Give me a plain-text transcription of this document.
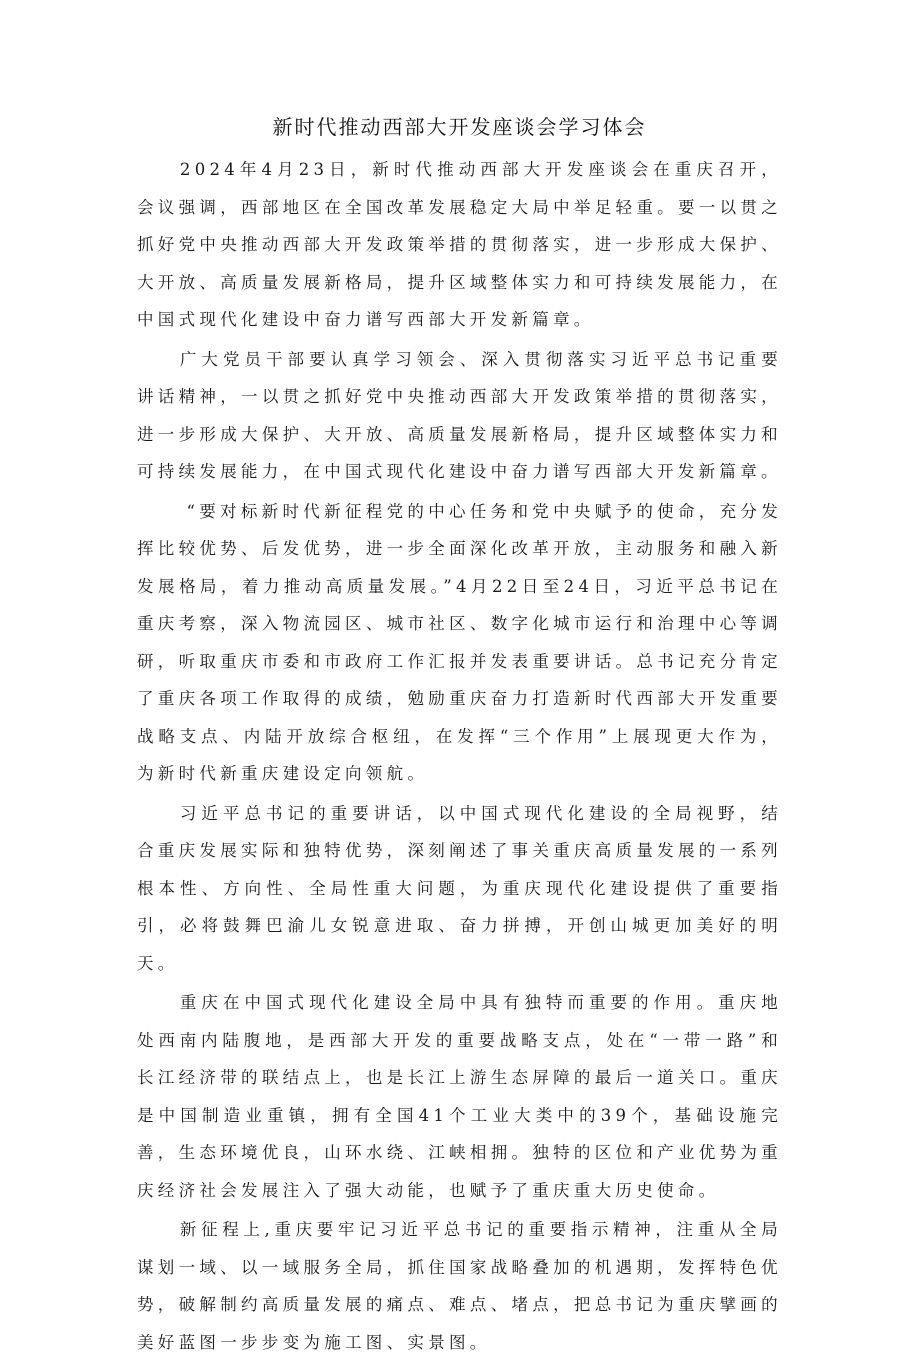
新时代推动西部大开发座谈会学习体会

2024年4月23日，新时代推动西部大开发座谈会在重庆召开，会议强调，西部地区在全国改革发展稳定大局中举足轻重。要一以贯之抓好党中央推动西部大开发政策举措的贯彻落实，进一步形成大保护、大开放、高质量发展新格局，提升区域整体实力和可持续发展能力，在中国式现代化建设中奋力谱写西部大开发新篇章。

广大党员干部要认真学习领会、深入贯彻落实习近平总书记重要讲话精神，一以贯之抓好党中央推动西部大开发政策举措的贯彻落实，进一步形成大保护、大开放、高质量发展新格局，提升区域整体实力和可持续发展能力，在中国式现代化建设中奋力谱写西部大开发新篇章。

“要对标新时代新征程党的中心任务和党中央赋予的使命，充分发挥比较优势、后发优势，进一步全面深化改革开放，主动服务和融入新发展格局，着力推动高质量发展。”4月22日至24日，习近平总书记在重庆考察，深入物流园区、城市社区、数字化城市运行和治理中心等调研，听取重庆市委和市政府工作汇报并发表重要讲话。总书记充分肯定了重庆各项工作取得的成绩，勉励重庆奋力打造新时代西部大开发重要战略支点、内陆开放综合枢纽，在发挥“三个作用”上展现更大作为，为新时代新重庆建设定向领航。

习近平总书记的重要讲话，以中国式现代化建设的全局视野，结合重庆发展实际和独特优势，深刻阐述了事关重庆高质量发展的一系列根本性、方向性、全局性重大问题，为重庆现代化建设提供了重要指引，必将鼓舞巴渝儿女锐意进取、奋力拼搏，开创山城更加美好的明天。

重庆在中国式现代化建设全局中具有独特而重要的作用。重庆地处西南内陆腹地，是西部大开发的重要战略支点，处在“一带一路”和长江经济带的联结点上，也是长江上游生态屏障的最后一道关口。重庆是中国制造业重镇，拥有全国41个工业大类中的39个，基础设施完善，生态环境优良，山环水绕、江峡相拥。独特的区位和产业优势为重庆经济社会发展注入了强大动能，也赋予了重庆重大历史使命。

新征程上,重庆要牢记习近平总书记的重要指示精神，注重从全局谋划一域、以一域服务全局，抓住国家战略叠加的机遇期，发挥特色优势，破解制约高质量发展的痛点、难点、堵点，把总书记为重庆擘画的美好蓝图一步步变为施工图、实景图。
